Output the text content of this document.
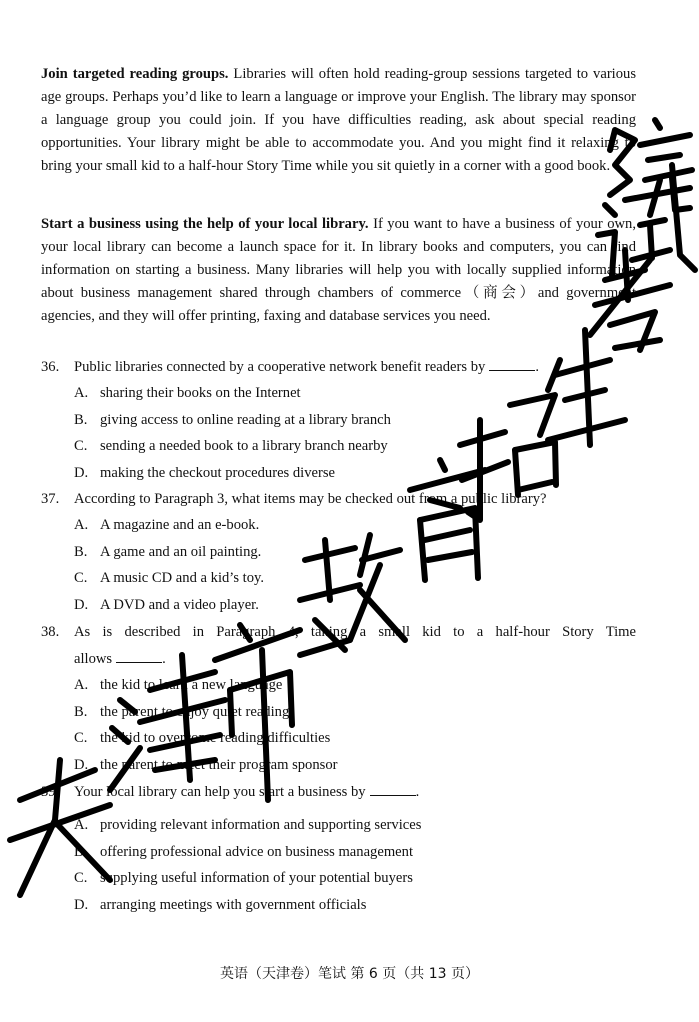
Join targeted reading groups. Libraries will often hold reading-group sessions targeted to various age groups. Perhaps you’d like to learn a language or improve your English. The library may sponsor a language group you could join. If you have difficulties reading, ask about special reading opportunities. Your library might be able to accommodate you. And you might find it relaxing to bring your small kid to a half-hour Story Time while you sit quietly in a corner with a good book.
Start a business using the help of your local library. If you want to have a business of your own, your local library can become a launch space for it. In library books and computers, you can find information on starting a business. Many libraries will help you with locally supplied information about business management shared through chambers of commerce（商会）and government agencies, and they will offer printing, faxing and database services you need.
36. Public libraries connected by a cooperative network benefit readers by	.
A. sharing their books on the Internet
B. giving access to online reading at a library branch
C. sending a needed book to a library branch nearby
D. making the checkout procedures diverse
37. According to Paragraph 3, what items may be checked out from a public library?
A. A magazine and an e-book.
B. A game and an oil painting.
C. A music CD and a kid’s toy.
D. A DVD and a video player.
38. As is described in Paragraph 4, taking a small kid to a half-hour Story Time
allows	.
A. the kid to learn a new language
B. the parent to enjoy quiet reading
C. the kid to overcome reading difficulties
D. the parent to meet their program sponsor
39. Your local library can help you start a business by	.
A. providing relevant information and supporting services
B. offering professional advice on business management
C. supplying useful information of your potential buyers
D. arranging meetings with government officials
英语（天津卷）笔试 第 6 页（共 13 页）
